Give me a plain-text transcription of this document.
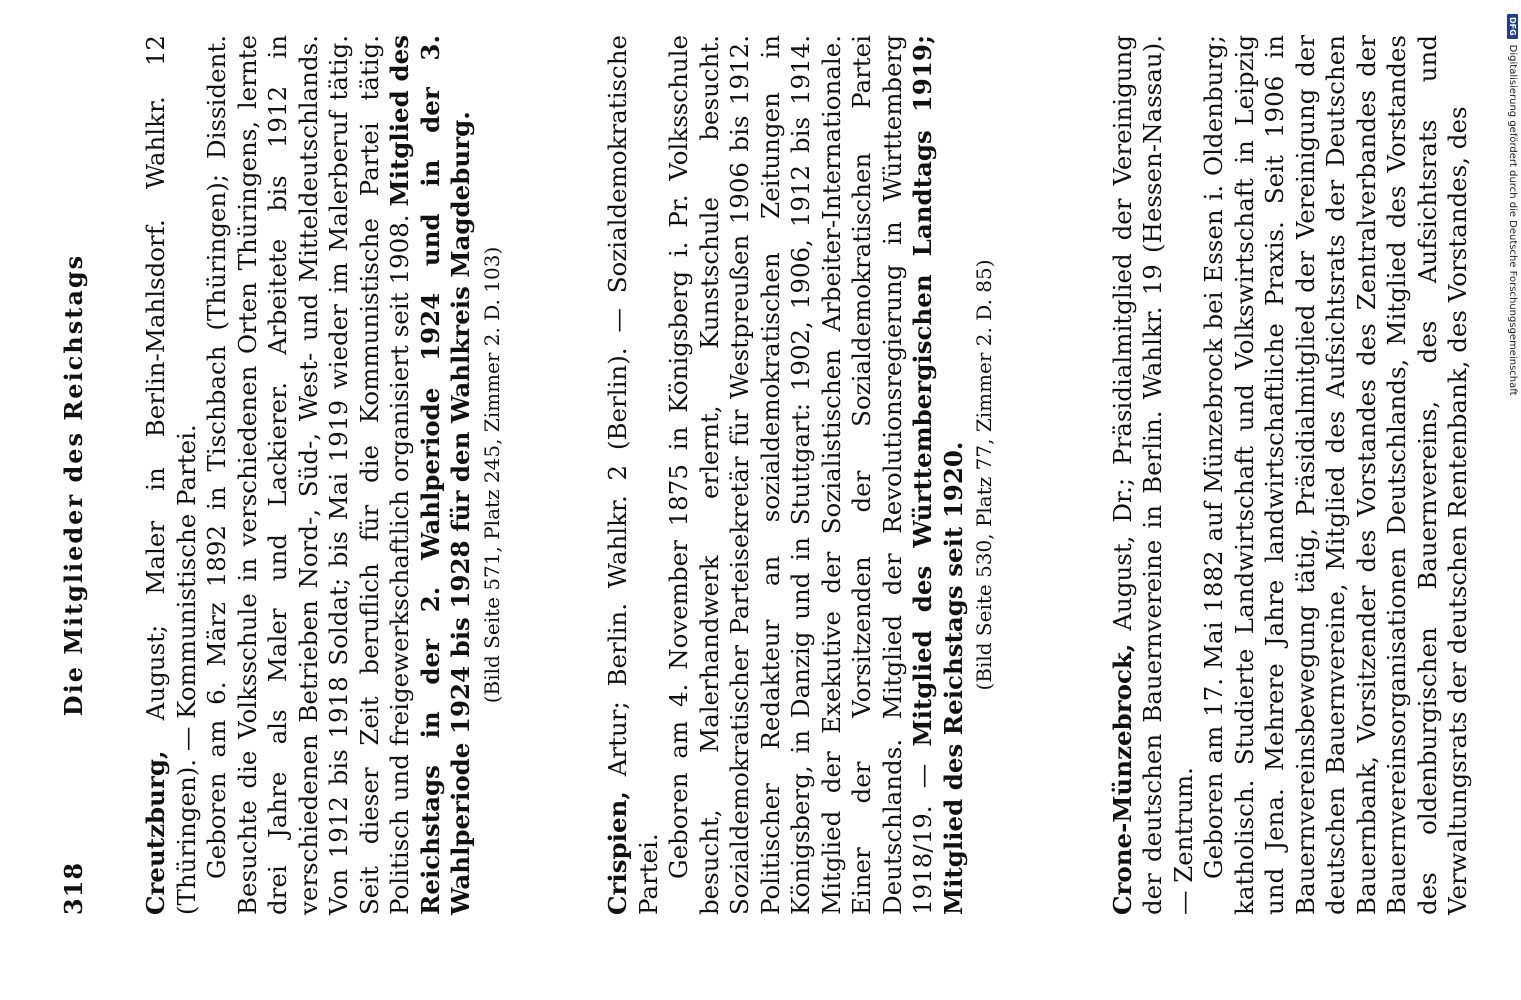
318
Die Mitglieder des Reichstags

Creutzburg, August; Maler in Berlin-Mahlsdorf. Wahlkr. 12 (Thüringen). — Kommunistische Partei. Geboren am 6. März 1892 in Tischbach (Thüringen); Dissident. Besuchte die Volksschule in verschiedenen Orten Thüringens, lernte drei Jahre als Maler und Lackierer. Arbeitete bis 1912 in verschiedenen Betrieben Nord-, Süd-, West- und Mitteldeutschlands. Von 1912 bis 1918 Soldat; bis Mai 1919 wieder im Malerberuf tätig. Seit dieser Zeit beruflich für die Kommunistische Partei tätig. Politisch und freigewerkschaftlich organisiert seit 1908. Mitglied des Reichstags in der 2. Wahlperiode 1924 und in der 3. Wahlperiode 1924 bis 1928 für den Wahlkreis Magdeburg. (Bild Seite 571, Platz 245, Zimmer 2. D. 103)

Crispien, Artur; Berlin. Wahlkr. 2 (Berlin). — Sozialdemokratische Partei. Geboren am 4. November 1875 in Königsberg i. Pr. Volksschule besucht, Malerhandwerk erlernt, Kunstschule besucht. Sozialdemokratischer Parteisekretär für Westpreußen 1906 bis 1912. Politischer Redakteur an sozialdemokratischen Zeitungen in Königsberg, in Danzig und in Stuttgart: 1902, 1906, 1912 bis 1914. Mitglied der Exekutive der Sozialistischen Arbeiter-Internationale. Einer der Vorsitzenden der Sozialdemokratischen Partei Deutschlands. Mitglied der Revolutionsregierung in Württemberg 1918/19. — Mitglied des Württembergischen Landtags 1919; Mitglied des Reichstags seit 1920. (Bild Seite 530, Platz 77, Zimmer 2. D. 85)

Crone-Münzebrock, August, Dr.; Präsidialmitglied der Vereinigung der deutschen Bauernvereine in Berlin. Wahlkr. 19 (Hessen-Nassau). — Zentrum. Geboren am 17. Mai 1882 auf Münzebrock bei Essen i. Oldenburg; katholisch. Studierte Landwirtschaft und Volkswirtschaft in Leipzig und Jena. Mehrere Jahre landwirtschaftliche Praxis. Seit 1906 in Bauernvereinsbewegung tätig, Präsidialmitglied der Vereinigung der deutschen Bauernvereine, Mitglied des Aufsichtsrats der Deutschen Bauernbank, Vorsitzender des Vorstandes des Zentralverbandes der Bauernvereinsorganisationen Deutschlands, Mitglied des Vorstandes des oldenburgischen Bauernvereins, des Aufsichtsrats und Verwaltungsrats der deutschen Rentenbank, des Vorstandes, des

DFG
Digitalisierung gefördert durch die Deutsche Forschungsgemeinschaft
